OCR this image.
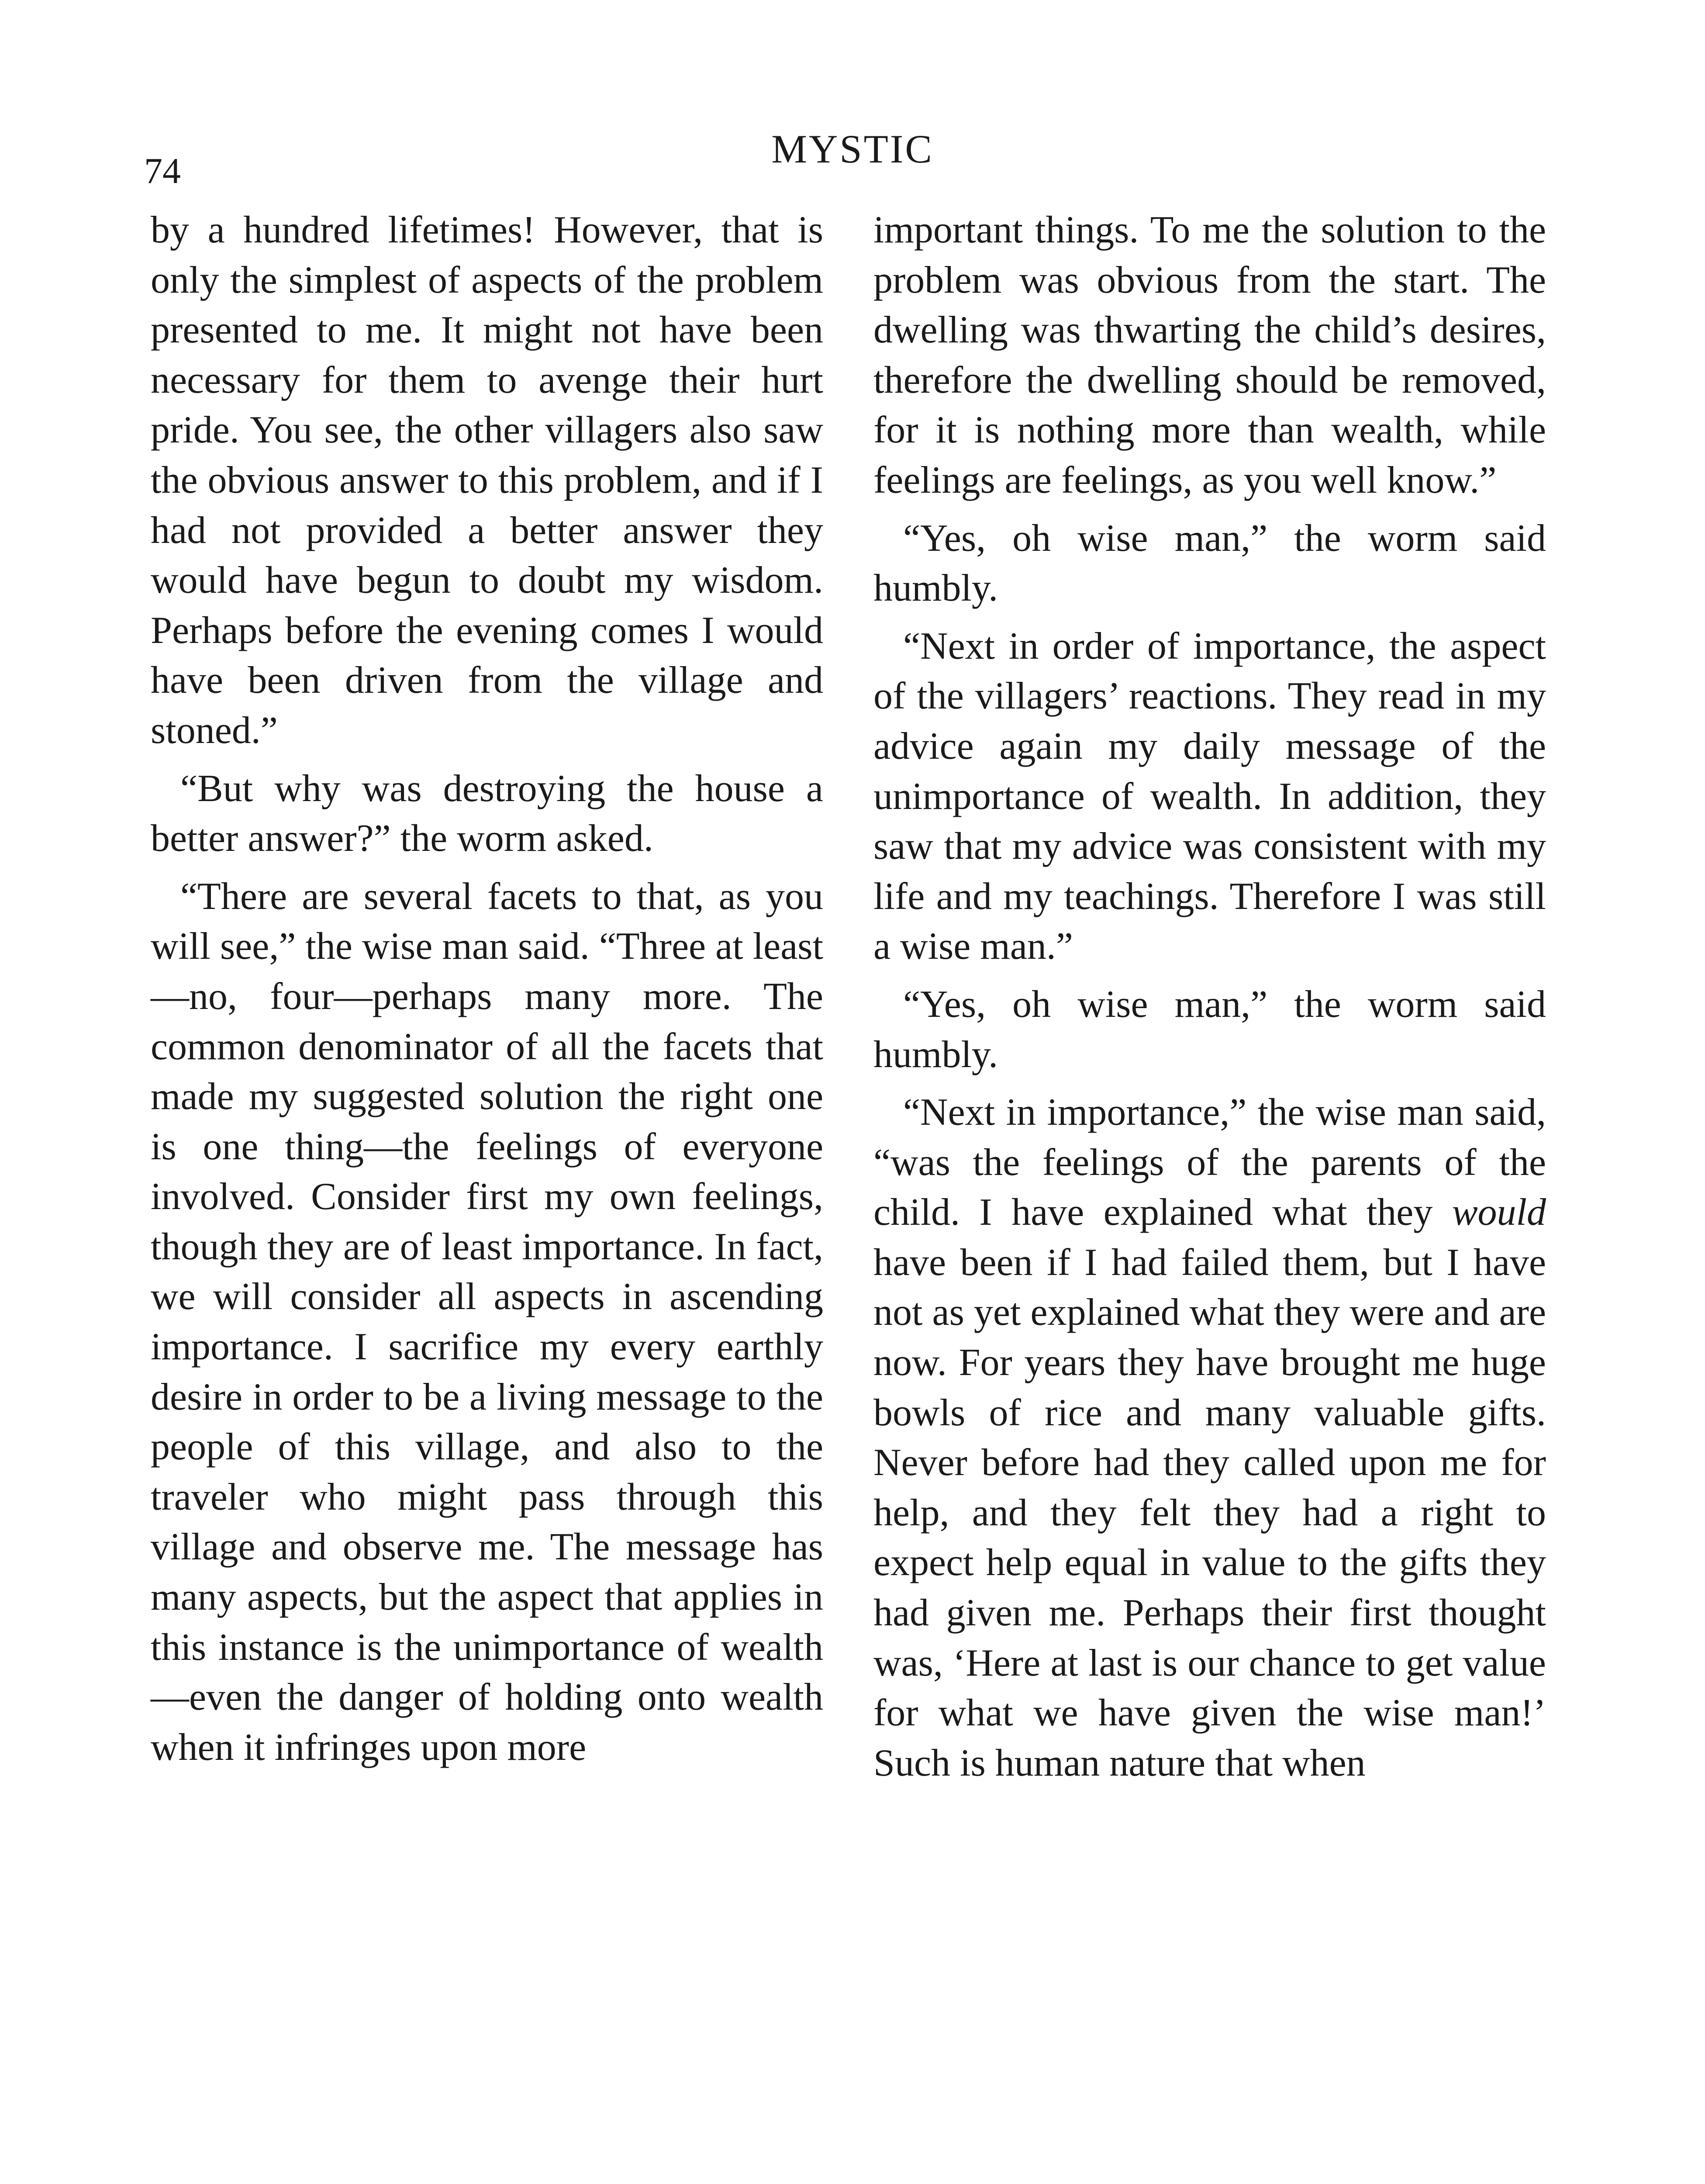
74	MYSTIC

by a hundred lifetimes! However, that is only the simplest of aspects of the problem presented to me. It might not have been necessary for them to avenge their hurt pride. You see, the other villagers also saw the obvious answer to this problem, and if I had not provided a better answer they would have begun to doubt my wisdom. Perhaps before the evening comes I would have been driven from the village and stoned.”

“But why was destroying the house a better answer?” the worm asked.

“There are several facets to that, as you will see,” the wise man said. “Three at least—no, four—perhaps many more. The common denominator of all the facets that made my suggested solution the right one is one thing—the feelings of everyone involved. Consider first my own feelings, though they are of least importance. In fact, we will consider all aspects in ascending importance. I sacrifice my every earthly desire in order to be a living message to the people of this village, and also to the traveler who might pass through this village and observe me. The message has many aspects, but the aspect that applies in this instance is the unimportance of wealth—even the danger of holding onto wealth when it infringes upon more

important things. To me the solution to the problem was obvious from the start. The dwelling was thwarting the child’s desires, therefore the dwelling should be removed, for it is nothing more than wealth, while feelings are feelings, as you well know.”

“Yes, oh wise man,” the worm said humbly.

“Next in order of importance, the aspect of the villagers’ reactions. They read in my advice again my daily message of the unimportance of wealth. In addition, they saw that my advice was consistent with my life and my teachings. Therefore I was still a wise man.”

“Yes, oh wise man,” the worm said humbly.

“Next in importance,” the wise man said, “was the feelings of the parents of the child. I have explained what they would have been if I had failed them, but I have not as yet explained what they were and are now. For years they have brought me huge bowls of rice and many valuable gifts. Never before had they called upon me for help, and they felt they had a right to expect help equal in value to the gifts they had given me. Perhaps their first thought was, ‘Here at last is our chance to get value for what we have given the wise man!’ Such is human nature that when
